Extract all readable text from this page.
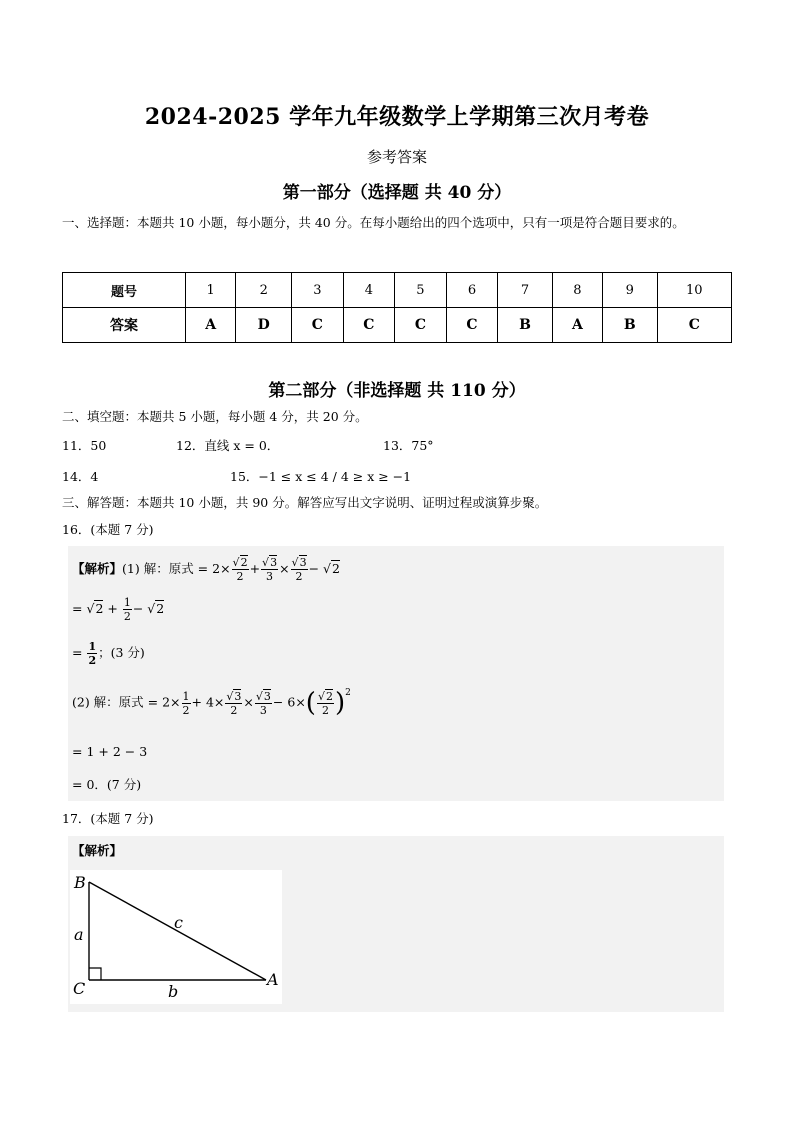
2024-2025 学年九年级数学上学期第三次月考卷
参考答案
第一部分（选择题 共 40 分）
一、选择题：本题共 10 小题，每小题分，共 40 分。在每小题给出的四个选项中，只有一项是符合题目要求的。
题号	1	2	3	4	5	6	7	8	9	10
答案	A	D	C	C	C	C	B	A	B	C
第二部分（非选择题 共 110 分）
二、填空题：本题共 5 小题，每小题 4 分，共 20 分。
11．50	12．直线 x = 0．	13．75°
14．4	15．−1 ≤ x ≤ 4 / 4 ≥ x ≥ −1
三、解答题：本题共 10 小题，共 90 分。解答应写出文字说明、证明过程或演算步聚。
16．(本题 7 分)
【解析】(1) 解：原式 = $2\times \frac{√2}{2} + \frac{√3}{3} \times \frac{√3}{2} - √2$
= $√2 + \frac{1}{2} - √2$
= $\frac{1}{2}$ ；(3 分)
(2) 解：原式 = $2\times \frac{1}{2} + 4\times \frac{√3}{2} \times \frac{√3}{3} - 6\times( \frac{√2}{2} )^2$
= 1 + 2 − 3
= 0．(7 分)
17．(本题 7 分)
【解析】
B
C	A
a
b
c
